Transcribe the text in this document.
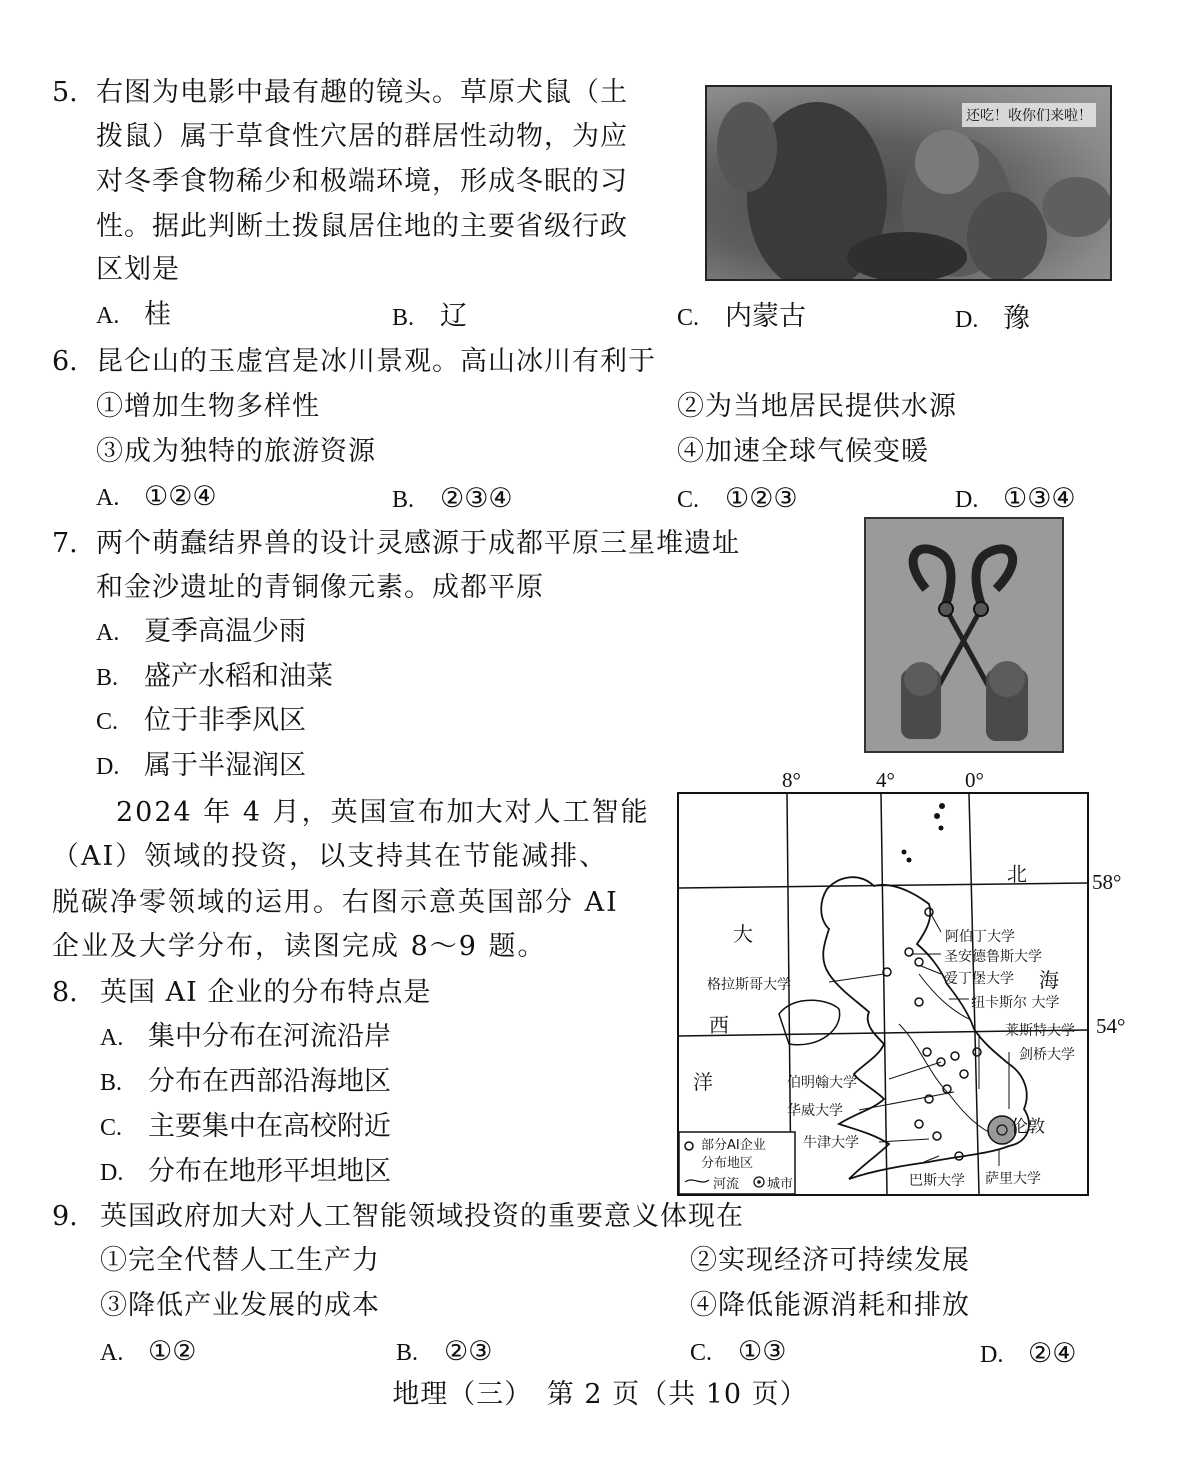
5. 右图为电影中最有趣的镜头。草原犬鼠（土
拨鼠）属于草食性穴居的群居性动物，为应
对冬季食物稀少和极端环境，形成冬眠的习
性。据此判断土拨鼠居住地的主要省级行政
区划是
还吃！收你们来啦！
A. 桂	B. 辽	C. 内蒙古	D. 豫
6. 昆仑山的玉虚宫是冰川景观。高山冰川有利于
①增加生物多样性	②为当地居民提供水源
③成为独特的旅游资源	④加速全球气候变暖
A. ①②④	B. ②③④	C. ①②③	D. ①③④
7. 两个萌蠢结界兽的设计灵感源于成都平原三星堆遗址
和金沙遗址的青铜像元素。成都平原
A. 夏季高温少雨
B. 盛产水稻和油菜
C. 位于非季风区
D. 属于半湿润区
2024 年 4 月，英国宣布加大对人工智能
（AI）领域的投资，以支持其在节能减排、
脱碳净零领域的运用。右图示意英国部分 AI
企业及大学分布，读图完成 8～9 题。
8. 英国 AI 企业的分布特点是
A. 集中分布在河流沿岸
B. 分布在西部沿海地区
C. 主要集中在高校附近
D. 分布在地形平坦地区
8°	4°	0°
58°
54°
大
西
洋
北
海
阿伯丁大学
圣安德鲁斯大学
爱丁堡大学
格拉斯哥大学
纽卡斯尔 大学
莱斯特大学
剑桥大学
伯明翰大学
华威大学
牛津大学
伦敦
巴斯大学 萨里大学
部分AI企业
分布地区
河流 城市
9. 英国政府加大对人工智能领域投资的重要意义体现在
①完全代替人工生产力	②实现经济可持续发展
③降低产业发展的成本	④降低能源消耗和排放
A. ①②	B. ②③	C. ①③	D. ②④
地理（三）　第 2 页（共 10 页）
